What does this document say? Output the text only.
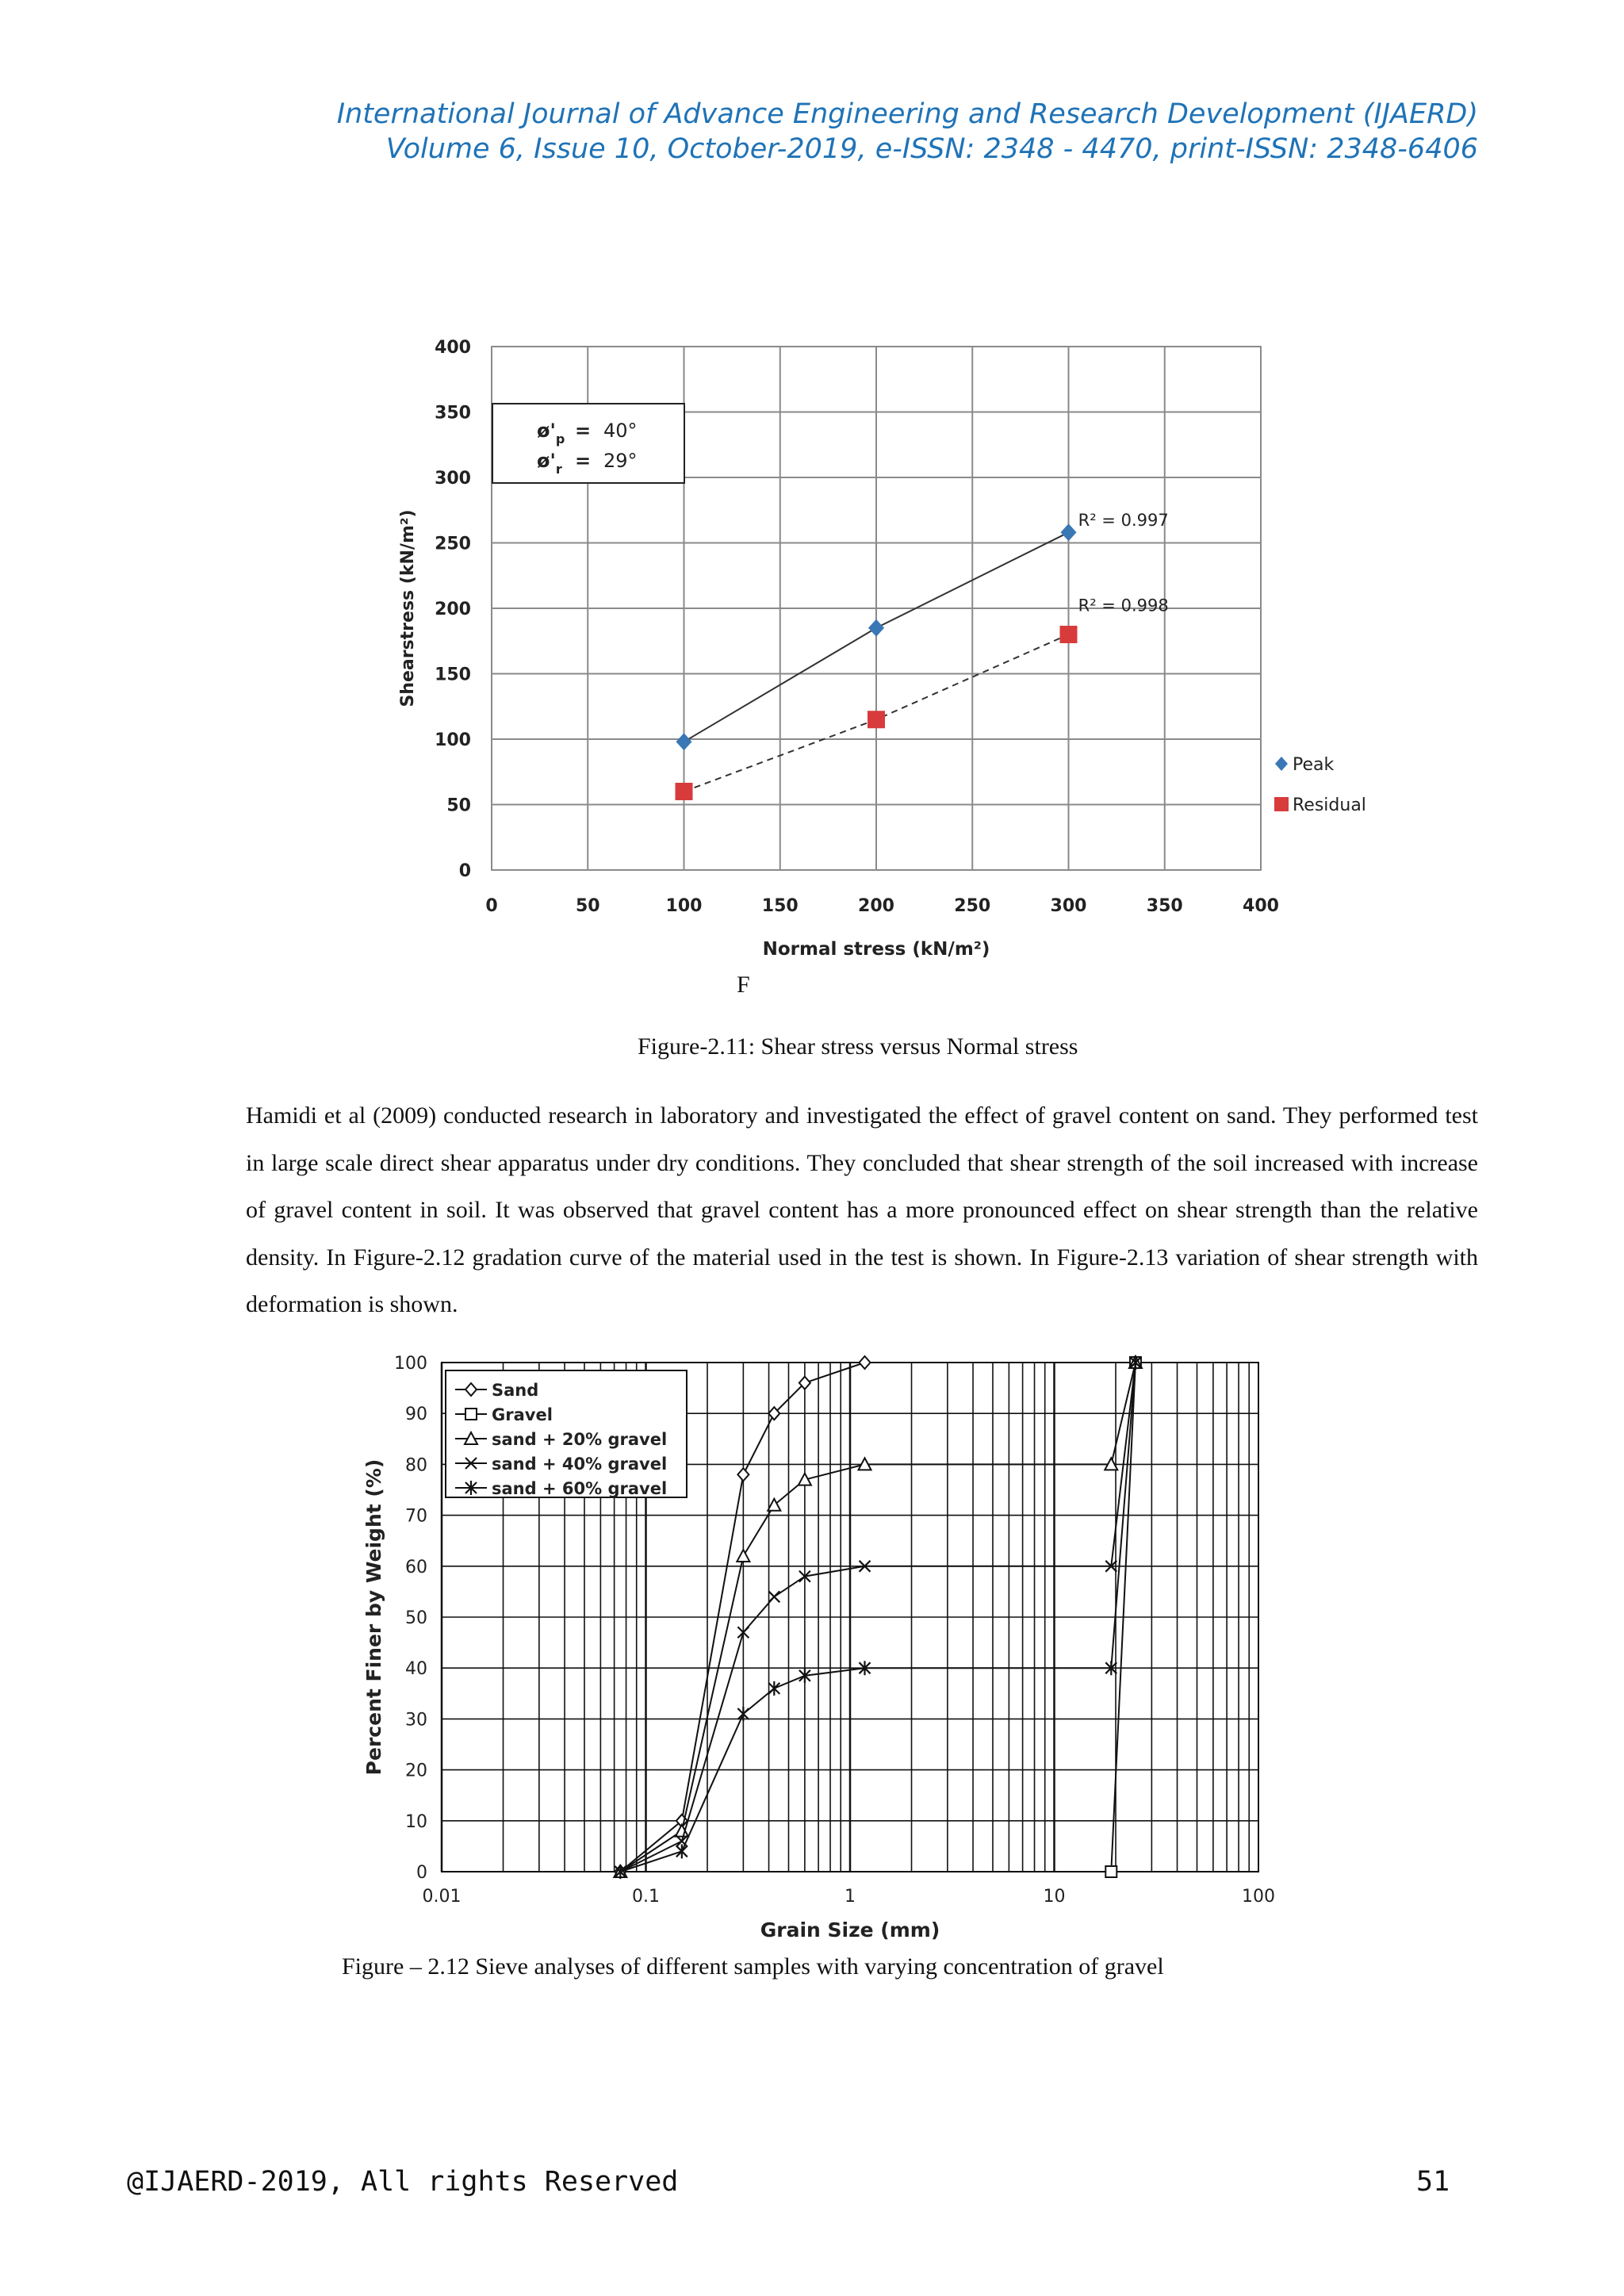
International Journal of Advance Engineering and Research Development (IJAERD)
Volume 6, Issue 10, October-2019, e-ISSN: 2348 - 4470, print-ISSN: 2348-6406
0	50	100	150	200	250	300	350	400
0
50
100
150
200
250
300
350
400
Normal stress (kN/m²)
Shearstress (kN/m²)
$ø'_p = 40^\circ$
$ø'_r = 29^\circ$
R² = 0.997
Peak
R² = 0.998
Residual
F
Figure-2.11: Shear stress versus Normal stress
Hamidi et al (2009) conducted research in laboratory and investigated the effect of gravel content on sand. They performed test in large scale direct shear apparatus under dry conditions. They concluded that shear strength of the soil increased with increase of gravel content in soil. It was observed that gravel content has a more pronounced effect on shear strength than the relative density. In Figure-2.12 gradation curve of the material used in the test is shown. In Figure-2.13 variation of shear strength with deformation is shown.
0.01	0.1	1	10	100
0
10
20
30
40
50
60
70
80
90
100
Grain Size (mm)
Percent Finer by Weight (%)
Sand
Gravel
sand + 20% gravel
sand + 40% gravel
sand + 60% gravel
Figure – 2.12 Sieve analyses of different samples with varying concentration of gravel
@IJAERD-2019, All rights Reserved	51
